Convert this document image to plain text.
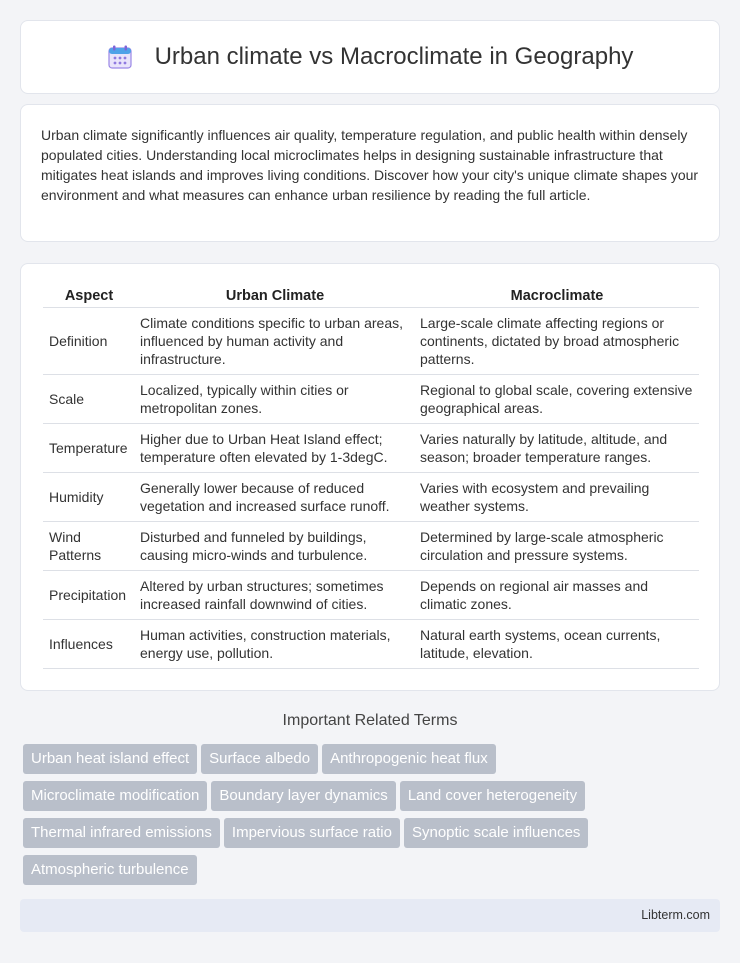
Urban climate vs Macroclimate in Geography

Urban climate significantly influences air quality, temperature regulation, and public health within densely populated cities. Understanding local microclimates helps in designing sustainable infrastructure that mitigates heat islands and improves living conditions. Discover how your city's unique climate shapes your environment and what measures can enhance urban resilience by reading the full article.

Aspect	Urban Climate	Macroclimate
Definition	Climate conditions specific to urban areas, influenced by human activity and infrastructure.	Large-scale climate affecting regions or continents, dictated by broad atmospheric patterns.
Scale	Localized, typically within cities or metropolitan zones.	Regional to global scale, covering extensive geographical areas.
Temperature	Higher due to Urban Heat Island effect; temperature often elevated by 1-3degC.	Varies naturally by latitude, altitude, and season; broader temperature ranges.
Humidity	Generally lower because of reduced vegetation and increased surface runoff.	Varies with ecosystem and prevailing weather systems.
Wind Patterns	Disturbed and funneled by buildings, causing micro-winds and turbulence.	Determined by large-scale atmospheric circulation and pressure systems.
Precipitation	Altered by urban structures; sometimes increased rainfall downwind of cities.	Depends on regional air masses and climatic zones.
Influences	Human activities, construction materials, energy use, pollution.	Natural earth systems, ocean currents, latitude, elevation.
Important Related Terms
Urban heat island effect Surface albedo Anthropogenic heat flux
Microclimate modification Boundary layer dynamics Land cover heterogeneity
Thermal infrared emissions Impervious surface ratio Synoptic scale influences
Atmospheric turbulence
Libterm.com
